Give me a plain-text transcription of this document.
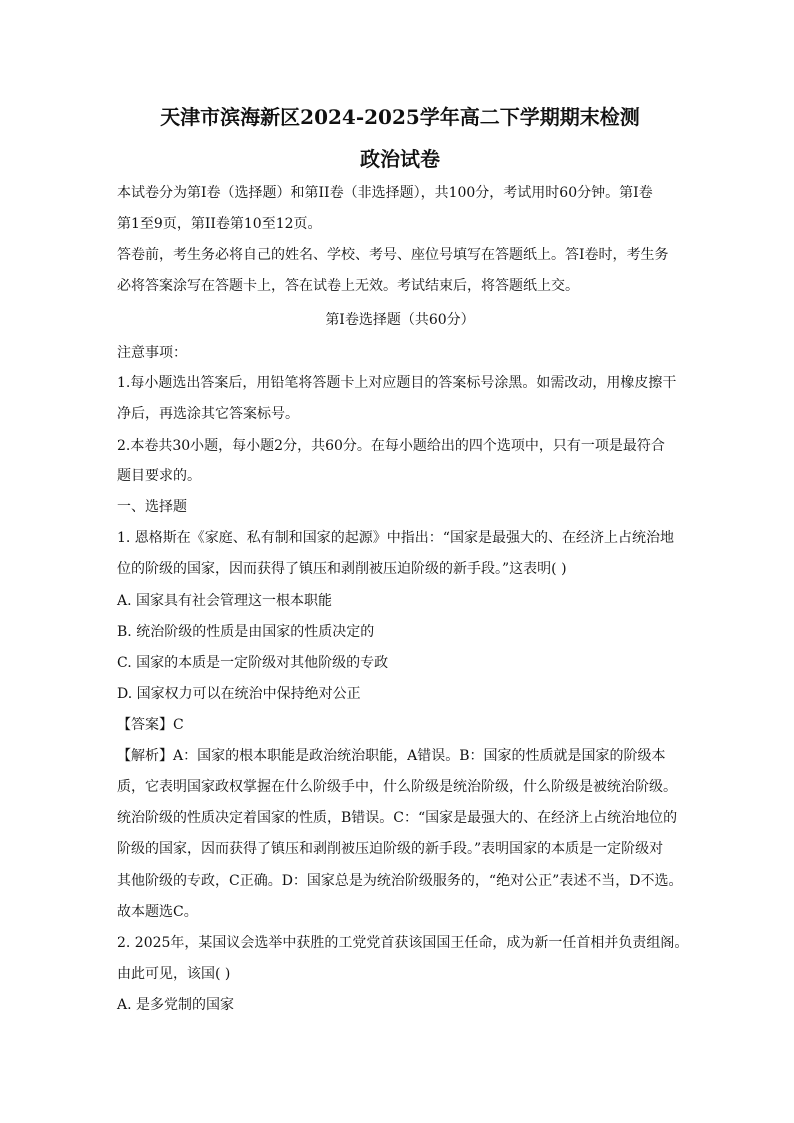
天津市滨海新区2024-2025学年高二下学期期末检测
政治试卷
本试卷分为第I卷（选择题）和第II卷（非选择题），共100分，考试用时60分钟。第I卷
第1至9页，第II卷第10至12页。
答卷前，考生务必将自己的姓名、学校、考号、座位号填写在答题纸上。答I卷时，考生务
必将答案涂写在答题卡上，答在试卷上无效。考试结束后，将答题纸上交。
第I卷选择题（共60分）
注意事项：
1.每小题选出答案后，用铅笔将答题卡上对应题目的答案标号涂黑。如需改动，用橡皮擦干
净后，再选涂其它答案标号。
2.本卷共30小题，每小题2分，共60分。在每小题给出的四个选项中，只有一项是最符合
题目要求的。
一、选择题
1. 恩格斯在《家庭、私有制和国家的起源》中指出：“国家是最强大的、在经济上占统治地
位的阶级的国家，因而获得了镇压和剥削被压迫阶级的新手段。”这表明( )
A. 国家具有社会管理这一根本职能
B. 统治阶级的性质是由国家的性质决定的
C. 国家的本质是一定阶级对其他阶级的专政
D. 国家权力可以在统治中保持绝对公正
【答案】C
【解析】A：国家的根本职能是政治统治职能，A错误。B：国家的性质就是国家的阶级本
质，它表明国家政权掌握在什么阶级手中，什么阶级是统治阶级，什么阶级是被统治阶级。
统治阶级的性质决定着国家的性质，B错误。C：“国家是最强大的、在经济上占统治地位的
阶级的国家，因而获得了镇压和剥削被压迫阶级的新手段。”表明国家的本质是一定阶级对
其他阶级的专政，C正确。D：国家总是为统治阶级服务的，“绝对公正”表述不当，D不选。
故本题选C。
2. 2025年，某国议会选举中获胜的工党党首获该国国王任命，成为新一任首相并负责组阁。
由此可见，该国( )
A. 是多党制的国家
